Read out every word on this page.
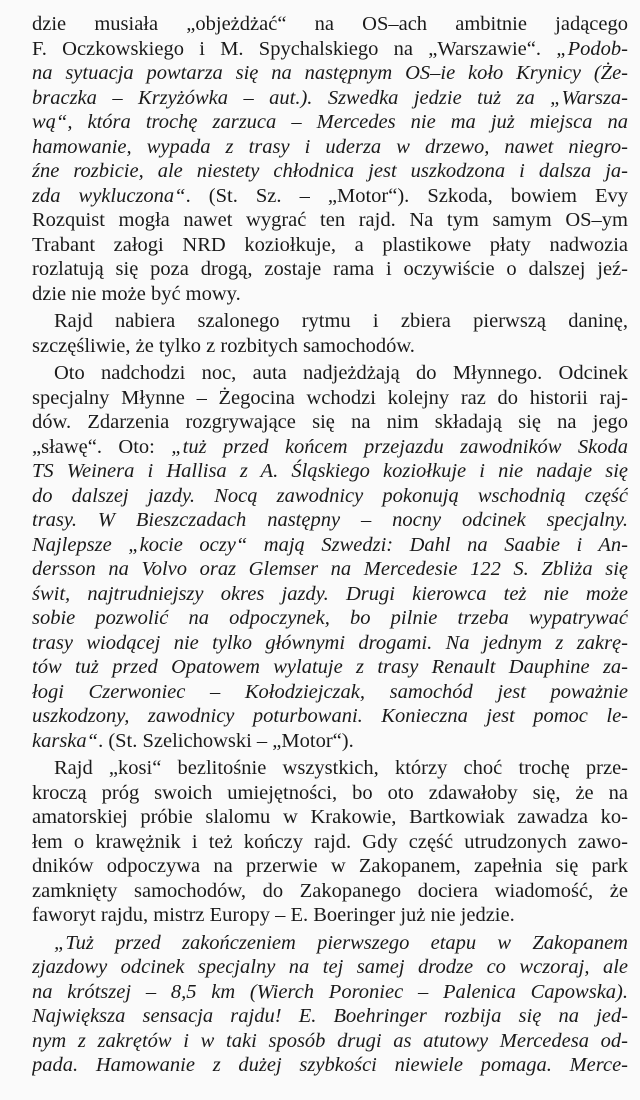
dzie musiała „objeżdżać“ na OS–ach ambitnie jadącego
F. Oczkowskiego i M. Spychalskiego na „Warszawie“. „Podob-
na sytuacja powtarza się na następnym OS–ie koło Krynicy (Że-
braczka – Krzyżówka – aut.). Szwedka jedzie tuż za „Warsza-
wą“, która trochę zarzuca – Mercedes nie ma już miejsca na
hamowanie, wypada z trasy i uderza w drzewo, nawet niegro-
źne rozbicie, ale niestety chłodnica jest uszkodzona i dalsza ja-
zda wykluczona“. (St. Sz. – „Motor“). Szkoda, bowiem Evy
Rozquist mogła nawet wygrać ten rajd. Na tym samym OS–ym
Trabant załogi NRD koziołkuje, a plastikowe płaty nadwozia
rozlatują się poza drogą, zostaje rama i oczywiście o dalszej jeź-
dzie nie może być mowy.
Rajd nabiera szalonego rytmu i zbiera pierwszą daninę,
szczęśliwie, że tylko z rozbitych samochodów.
Oto nadchodzi noc, auta nadjeżdżają do Młynnego. Odcinek
specjalny Młynne – Żegocina wchodzi kolejny raz do historii raj-
dów. Zdarzenia rozgrywające się na nim składają się na jego
„sławę“. Oto: „tuż przed końcem przejazdu zawodników Skoda
TS Weinera i Hallisa z A. Śląskiego koziołkuje i nie nadaje się
do dalszej jazdy. Nocą zawodnicy pokonują wschodnią część
trasy. W Bieszczadach następny – nocny odcinek specjalny.
Najlepsze „kocie oczy“ mają Szwedzi: Dahl na Saabie i An-
dersson na Volvo oraz Glemser na Mercedesie 122 S. Zbliża się
świt, najtrudniejszy okres jazdy. Drugi kierowca też nie może
sobie pozwolić na odpoczynek, bo pilnie trzeba wypatrywać
trasy wiodącej nie tylko głównymi drogami. Na jednym z zakrę-
tów tuż przed Opatowem wylatuje z trasy Renault Dauphine za-
łogi Czerwoniec – Kołodziejczak, samochód jest poważnie
uszkodzony, zawodnicy poturbowani. Konieczna jest pomoc le-
karska“. (St. Szelichowski – „Motor“).
Rajd „kosi“ bezlitośnie wszystkich, którzy choć trochę prze-
kroczą próg swoich umiejętności, bo oto zdawałoby się, że na
amatorskiej próbie slalomu w Krakowie, Bartkowiak zawadza ko-
łem o krawężnik i też kończy rajd. Gdy część utrudzonych zawo-
dników odpoczywa na przerwie w Zakopanem, zapełnia się park
zamknięty samochodów, do Zakopanego dociera wiadomość, że
faworyt rajdu, mistrz Europy – E. Boeringer już nie jedzie.
„Tuż przed zakończeniem pierwszego etapu w Zakopanem
zjazdowy odcinek specjalny na tej samej drodze co wczoraj, ale
na krótszej – 8,5 km (Wierch Poroniec – Palenica Capowska).
Największa sensacja rajdu! E. Boehringer rozbija się na jed-
nym z zakrętów i w taki sposób drugi as atutowy Mercedesa od-
pada. Hamowanie z dużej szybkości niewiele pomaga. Merce-
